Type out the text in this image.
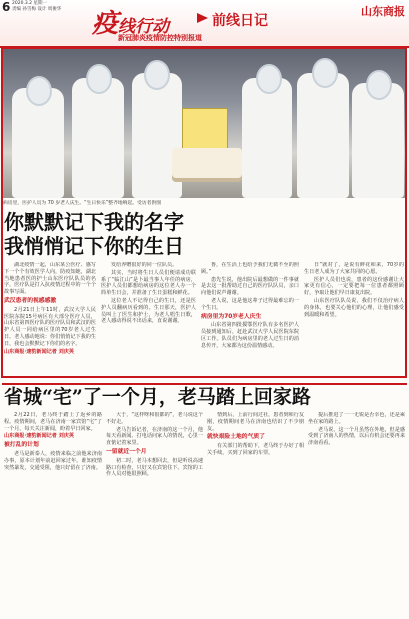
6 2020.3.2 星期一
责编 孙雪梅 设计 周俊华 疫线行动	前线日记
新冠肺炎疫情防控特别报道
山东商报
病房里，医护人员为 70 岁老人庆生。“生日快乐”整齐地响起。受访者供图
你默默记下我的名字
我悄悄记下你的生日

湖北疫情一起，山东某公医疗、感写下一个个有效医学人向，防疫知她，湖北当地患者医的护士山东医疗队队员的名字，医疗队是打入抗疫情过程中的一个个故事写面。

武汉患者的视感感激

2月21日上午11时，武汉大学人民医院东院15号病区有大部分医疗人员，山东省第四医疗队的医疗队员和武汉的医护人员一同给病区里的70岁老人过生日。老人感动地说：你们悄悄记下我的生日，我也会默默记下你们的名字。

山东商报·速豹新闻记者 刘庆英

发给养赠很好的同一位队员。

其实，当时将生日人员们便请成功联系了“临江山”是卜最当事人年任的病房，医护人员们都想给病房的这位老人办一个简单生日会，并准备了生日蛋糕和鲜花。

这位老人不记得自己的生日，还是医护人员翻病历看到的。生日那天，医护人员叫上了医生和护士，为老人唱生日歌，老人感动得说不出话来，直说谢谢。

鲁，在生活上也给予我们无微不至的照顾。”

患先生说，他出院后最想做的一件事就是去这一批帮助过自己的医疗队队员，亲口向他们说声谢谢。

老人说，这是他这辈子过得最难忘的一个生日。

病房里为70岁老人庆生

山东省第四批援鄂医疗队有多名医护人员接到通知后，赶赴武汉大学人民医院东院区工作。队员们为病房里的老人过生日的消息传开，大家都为这份温情感动。

日”就对了，是说有鲜花和来，70岁的生日老人成为了大家共同的心愿。

医护人员们也说，患者的这份感谢让大家更有信心，一定要把每一位患者都照顾好，争取让他们早日康复出院。

山东医疗队队员说，我们不仅治疗病人的身体，也要关心他们的心理，让他们感受到温暖和希望。

省城“宅”了一个月，老马踏上回家路

2月22日，老马终于踏上了返乡的路程。疫情期间，老马在济南一家宾馆“宅”了一个月，每天关注新闻，盼着早日回家。

山东商报·速豹新闻记者 刘庆英
被打乱的计划

老马是新泰人，疫情来临之前他来济南办事，原本计划年前赶回家过年。谁知疫情突然暴发，交通受阻，他只好留在了济南。

大于，“这样呀和很都的”，老马说这个不好走。

老马告诉记者，在济南的这一个月，他每天看新闻、打电话问家人的情况，心里一直惦记着家里。

一留就近一个月

初二时，老马本想回去，但是听说高速路口有检查，只好又在宾馆住下。宾馆的工作人员对他很照顾。

情到后，上前行间过社，患者到和行友刚，疫情期间老马在济南也结识了不少朋友。

就快艰险土地的气质了

有关部门的帮助下，老马终于办好了相关手续，买到了回家的车票。

提后推进了一一无锐是否幸色，还是乘坐在家的路上。

老马说，这一个月虽然在外地，但是感受到了济南人的热情，以后有机会还要再来济南看看。
